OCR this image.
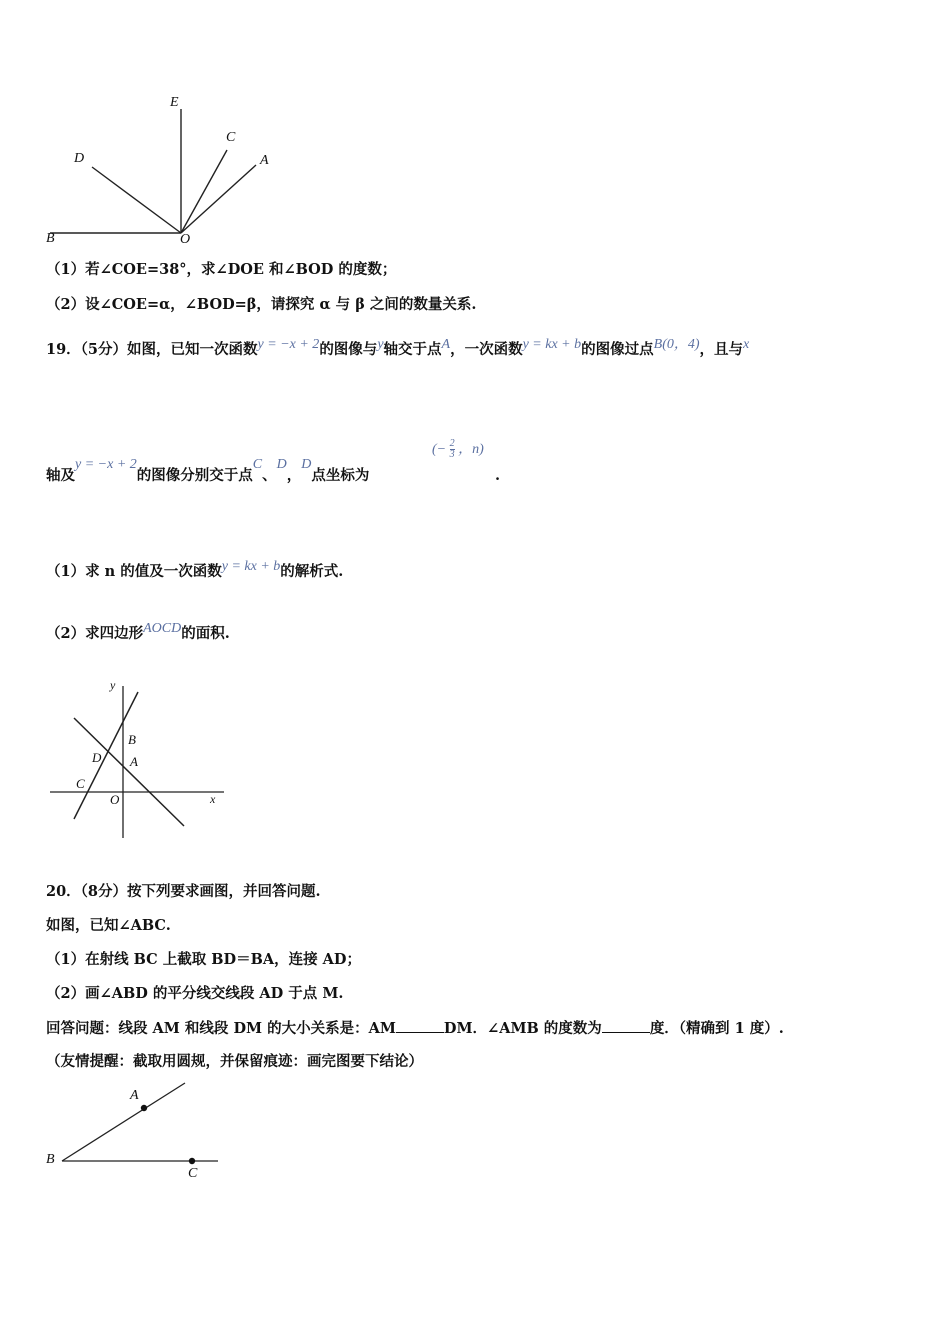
E
C
A
D
B	O
（1）若∠COE=38°，求∠DOE 和∠BOD 的度数；
（2）设∠COE=α，∠BOD=β，请探究 α 与 β 之间的数量关系.
19．（5分）如图，已知一次函数y = −x + 2的图像与y轴交于点A，一次函数y = kx + b的图像过点B(0，4)，且与x
轴及y = −x + 2的图像分别交于点C、D，D点坐标为
(− $\frac{2}{3}$ ，n)
.
（1）求 n 的值及一次函数y = kx + b的解析式.
（2）求四边形AOCD的面积.
y
B
D A
C
O	x
20．（8分）按下列要求画图，并回答问题.
如图，已知∠ABC.
（1）在射线 BC 上截取 BD＝BA，连接 AD；
（2）画∠ABD 的平分线交线段 AD 于点 M.
回答问题：线段 AM 和线段 DM 的大小关系是：AM	DM．∠AMB 的度数为	度．（精确到 1 度）.
（友情提醒：截取用圆规，并保留痕迹：画完图要下结论）
A
B
C
